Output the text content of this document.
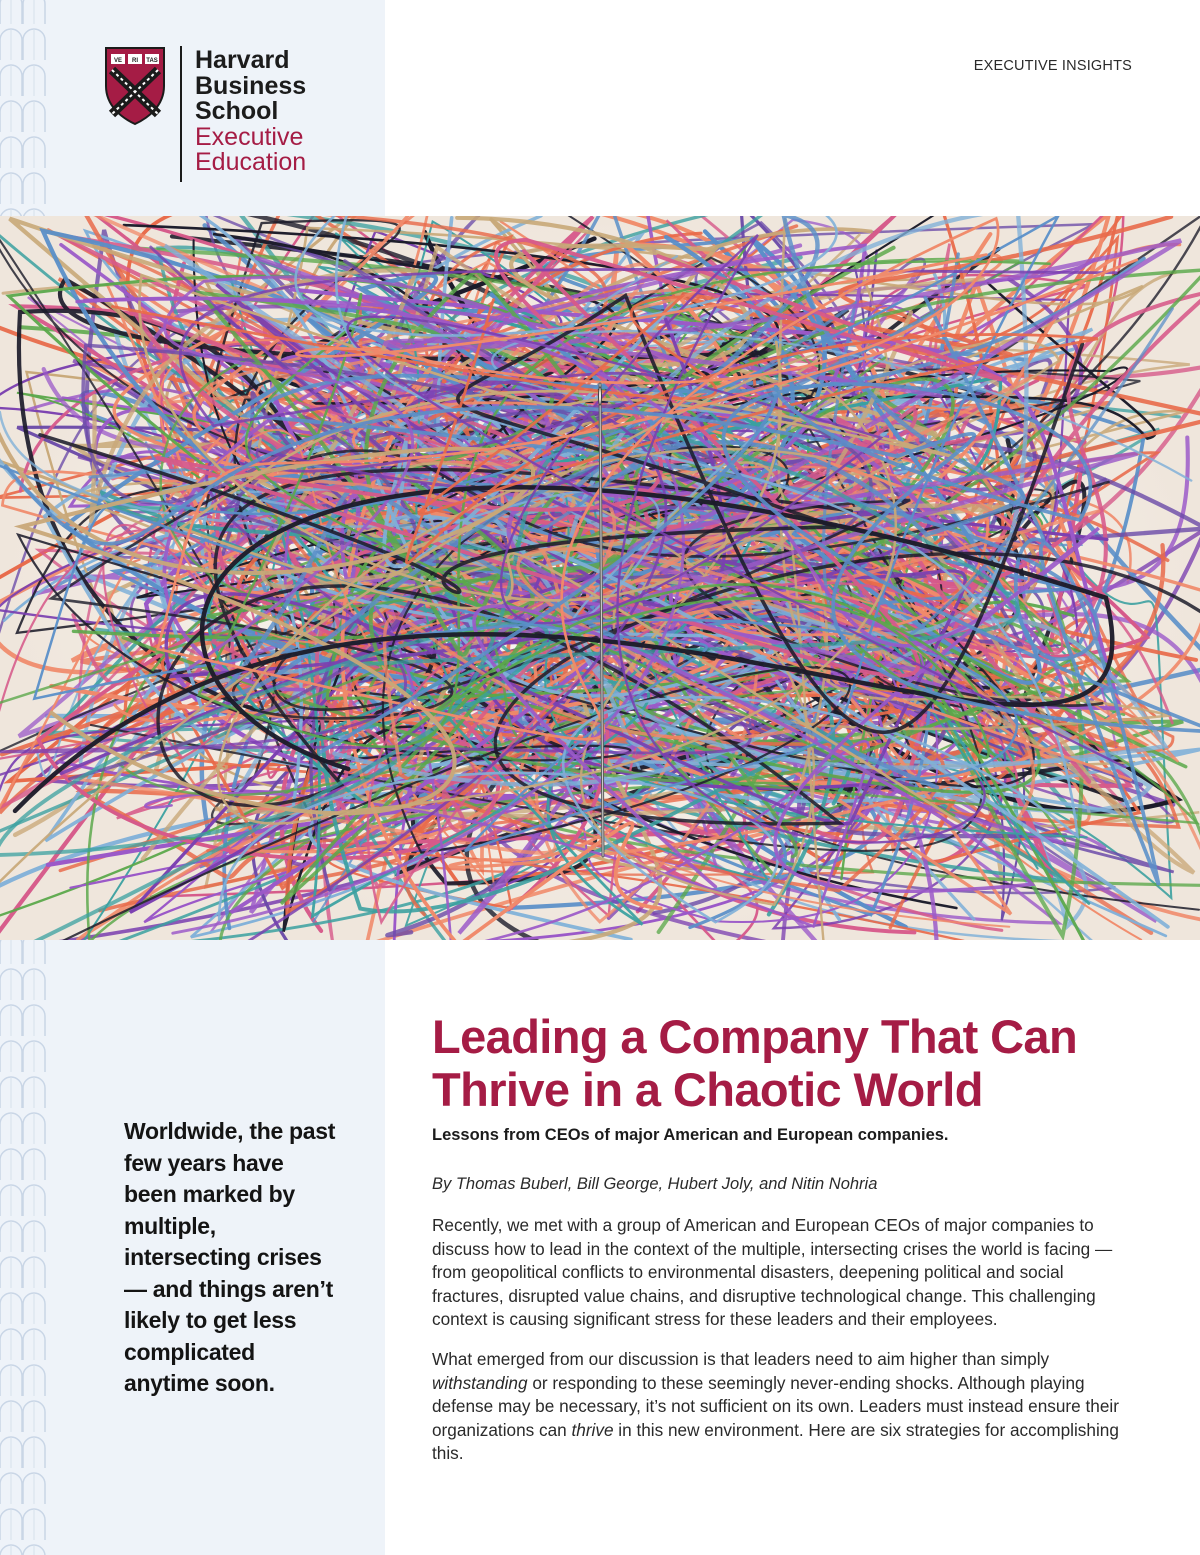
VE RI TAS Harvard
Business
School
Executive
Education
EXECUTIVE INSIGHTS
Worldwide, the past few years have been marked by multiple, intersecting crises — and things aren’t likely to get less complicated anytime soon.
Leading a Company That Can Thrive in a Chaotic World
Lessons from CEOs of major American and European companies.
By Thomas Buberl, Bill George, Hubert Joly, and Nitin Nohria

Recently, we met with a group of American and European CEOs of major companies to discuss how to lead in the context of the multiple, intersecting crises the world is facing — from geopolitical conflicts to environmental disasters, deepening political and social fractures, disrupted value chains, and disruptive technological change. This challenging context is causing significant stress for these leaders and their employees.

What emerged from our discussion is that leaders need to aim higher than simply withstanding or responding to these seemingly never-ending shocks. Although playing defense may be necessary, it’s not sufficient on its own. Leaders must instead ensure their organizations can thrive in this new environment. Here are six strategies for accomplishing this.
